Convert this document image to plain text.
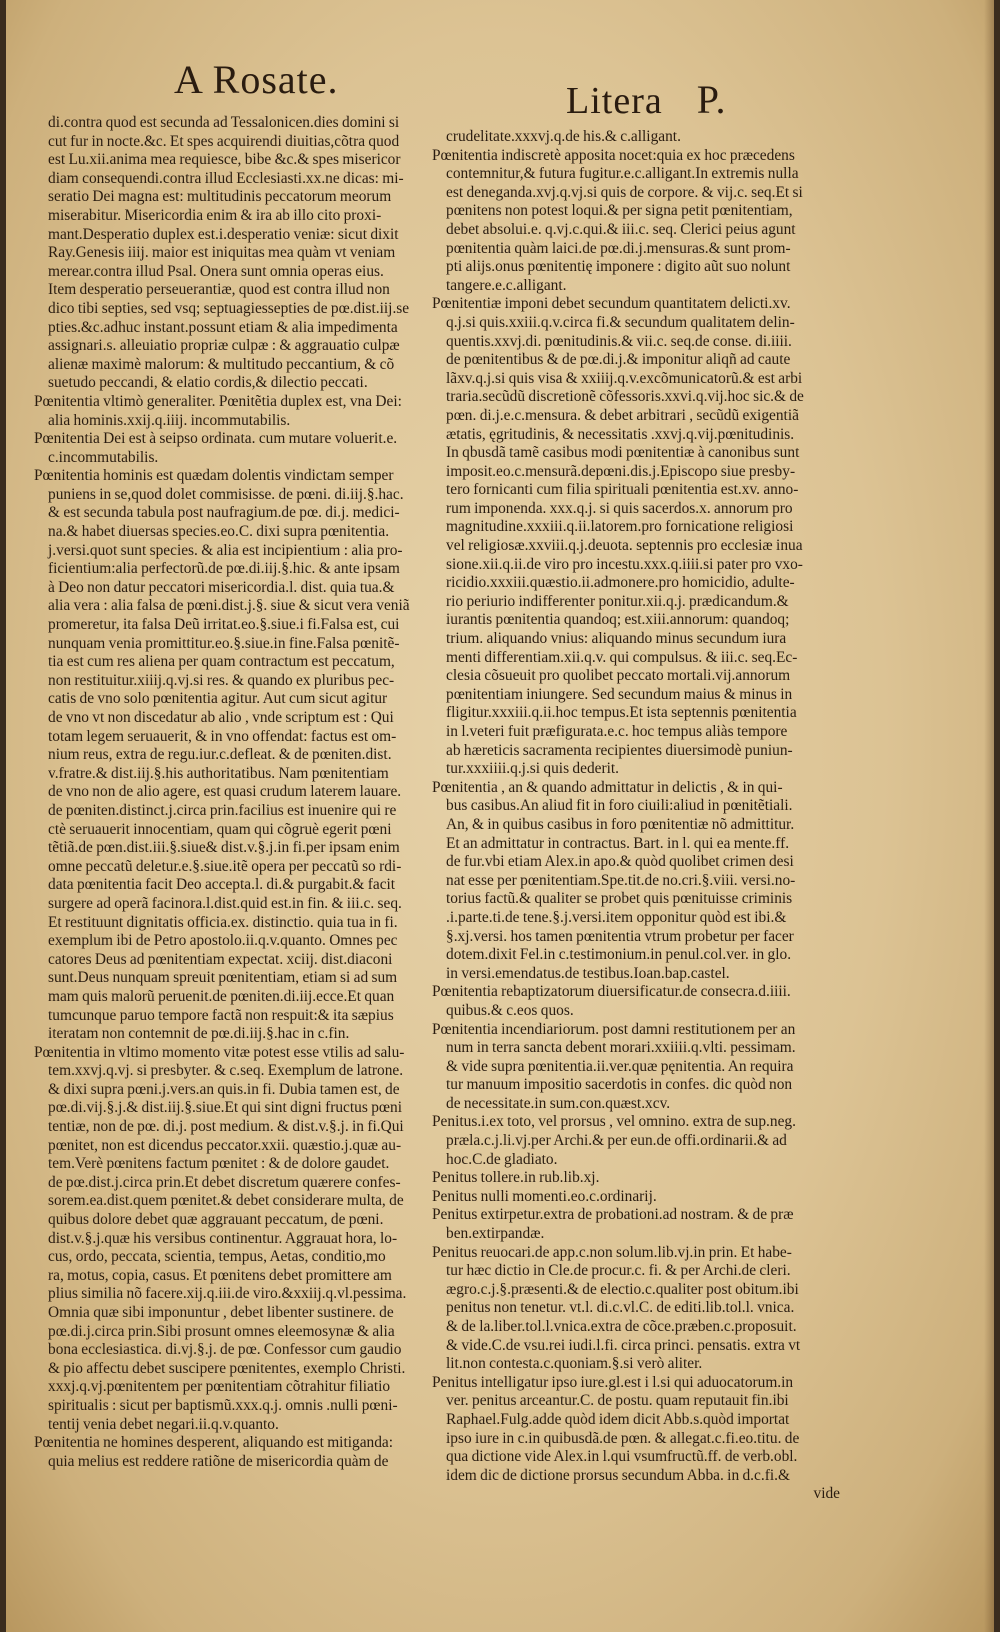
A Rosate.	Litera P.

di.contra quod est secunda ad Tessalonicen.dies domini si

cut fur in nocte.&c. Et spes acquirendi diuitias,cõtra quod

est Lu.xii.anima mea requiesce, bibe &c.& spes misericor

diam consequendi.contra illud Ecclesiasti.xx.ne dicas: mi-

seratio Dei magna est: multitudinis peccatorum meorum

miserabitur. Misericordia enim & ira ab illo cito proxi-

mant.Desperatio duplex est.i.desperatio veniæ: sicut dixit

Ray.Genesis iiij. maior est iniquitas mea quàm vt veniam

merear.contra illud Psal. Onera sunt omnia operas eius.

Item desperatio perseuerantiæ, quod est contra illud non

dico tibi septies, sed vsq; septuagiessepties de pœ.dist.iij.se

pties.&c.adhuc instant.possunt etiam & alia impedimenta

assignari.s. alleuiatio propriæ culpæ : & aggrauatio culpæ

alienæ maximè malorum: & multitudo peccantium, & cõ

suetudo peccandi, & elatio cordis,& dilectio peccati.

Pœnitentia vltimò generaliter. Pœnitẽtia duplex est, vna Dei:

alia hominis.xxij.q.iiij. incommutabilis.

Pœnitentia Dei est à seipso ordinata. cum mutare voluerit.e.

c.incommutabilis.

Pœnitentia hominis est quædam dolentis vindictam semper

puniens in se,quod dolet commisisse. de pœni. di.iij.§.hac.

& est secunda tabula post naufragium.de pœ. di.j. medici-

na.& habet diuersas species.eo.C. dixi supra pœnitentia.

j.versi.quot sunt species. & alia est incipientium : alia pro-

ficientium:alia perfectorũ.de pœ.di.iij.§.hic. & ante ipsam

à Deo non datur peccatori misericordia.l. dist. quia tua.&

alia vera : alia falsa de pœni.dist.j.§. siue & sicut vera veniã

promeretur, ita falsa Deũ irritat.eo.§.siue.i fi.Falsa est, cui

nunquam venia promittitur.eo.§.siue.in fine.Falsa pœnitẽ-

tia est cum res aliena per quam contractum est peccatum,

non restituitur.xiiij.q.vj.si res. & quando ex pluribus pec-

catis de vno solo pœnitentia agitur. Aut cum sicut agitur

de vno vt non discedatur ab alio , vnde scriptum est : Qui

totam legem seruauerit, & in vno offendat: factus est om-

nium reus, extra de regu.iur.c.defleat. & de pœniten.dist.

v.fratre.& dist.iij.§.his authoritatibus. Nam pœnitentiam

de vno non de alio agere, est quasi crudum laterem lauare.

de pœniten.distinct.j.circa prin.facilius est inuenire qui re

ctè seruauerit innocentiam, quam qui cõgruè egerit pœni

tẽtiã.de pœn.dist.iii.§.siue& dist.v.§.j.in fi.per ipsam enim

omne peccatũ deletur.e.§.siue.itẽ opera per peccatũ so rdi-

data pœnitentia facit Deo accepta.l. di.& purgabit.& facit

surgere ad operã facinora.l.dist.quid est.in fin. & iii.c. seq.

Et restituunt dignitatis officia.ex. distinctio. quia tua in fi.

exemplum ibi de Petro apostolo.ii.q.v.quanto. Omnes pec

catores Deus ad pœnitentiam expectat. xciij. dist.diaconi

sunt.Deus nunquam spreuit pœnitentiam, etiam si ad sum

mam quis malorũ peruenit.de pœniten.di.iij.ecce.Et quan

tumcunque paruo tempore factã non respuit:& ita sæpius

iteratam non contemnit de pœ.di.iij.§.hac in c.fin.

Pœnitentia in vltimo momento vitæ potest esse vtilis ad salu-

tem.xxvj.q.vj. si presbyter. & c.seq. Exemplum de latrone.

& dixi supra pœni.j.vers.an quis.in fi. Dubia tamen est, de

pœ.di.vij.§.j.& dist.iij.§.siue.Et qui sint digni fructus pœni

tentiæ, non de pœ. di.j. post medium. & dist.v.§.j. in fi.Qui

pœnitet, non est dicendus peccator.xxii. quæstio.j.quæ au-

tem.Verè pœnitens factum pœnitet : & de dolore gaudet.

de pœ.dist.j.circa prin.Et debet discretum quærere confes-

sorem.ea.dist.quem pœnitet.& debet considerare multa, de

quibus dolore debet quæ aggrauant peccatum, de pœni.

dist.v.§.j.quæ his versibus continentur. Aggrauat hora, lo-

cus, ordo, peccata, scientia, tempus, Aetas, conditio,mo

ra, motus, copia, casus. Et pœnitens debet promittere am

plius similia nõ facere.xij.q.iii.de viro.&xxiij.q.vl.pessima.

Omnia quæ sibi imponuntur , debet libenter sustinere. de

pœ.di.j.circa prin.Sibi prosunt omnes eleemosynæ & alia

bona ecclesiastica. di.vj.§.j. de pœ. Confessor cum gaudio

& pio affectu debet suscipere pœnitentes, exemplo Christi.

xxxj.q.vj.pœnitentem per pœnitentiam cõtrahitur filiatio

spiritualis : sicut per baptismũ.xxx.q.j. omnis .nulli pœni-

tentij venia debet negari.ii.q.v.quanto.

Pœnitentia ne homines desperent, aliquando est mitiganda:

quia melius est reddere ratiõne de misericordia quàm de

crudelitate.xxxvj.q.de his.& c.alligant.

Pœnitentia indiscretè apposita nocet:quia ex hoc præcedens

contemnitur,& futura fugitur.e.c.alligant.In extremis nulla

est deneganda.xvj.q.vj.si quis de corpore. & vij.c. seq.Et si

pœnitens non potest loqui.& per signa petit pœnitentiam,

debet absolui.e. q.vj.c.qui.& iii.c. seq. Clerici peius agunt

pœnitentia quàm laici.de pœ.di.j.mensuras.& sunt prom-

pti alijs.onus pœnitentię imponere : digito aũt suo nolunt

tangere.e.c.alligant.

Pœnitentiæ imponi debet secundum quantitatem delicti.xv.

q.j.si quis.xxiii.q.v.circa fi.& secundum qualitatem delin-

quentis.xxvj.di. pœnitudinis.& vii.c. seq.de conse. di.iiii.

de pœnitentibus & de pœ.di.j.& imponitur aliqñ ad caute

lãxv.q.j.si quis visa & xxiiij.q.v.excõmunicatorũ.& est arbi

traria.secũdũ discretionẽ cõfessoris.xxvi.q.vij.hoc sic.& de

pœn. di.j.e.c.mensura. & debet arbitrari , secũdũ exigentiã

ætatis, ęgritudinis, & necessitatis .xxvj.q.vij.pœnitudinis.

In qbusdã tamẽ casibus modi pœnitentiæ à canonibus sunt

imposit.eo.c.mensurã.depœni.dis.j.Episcopo siue presby-

tero fornicanti cum filia spirituali pœnitentia est.xv. anno-

rum imponenda. xxx.q.j. si quis sacerdos.x. annorum pro

magnitudine.xxxiii.q.ii.latorem.pro fornicatione religiosi

vel religiosæ.xxviii.q.j.deuota. septennis pro ecclesiæ inua

sione.xii.q.ii.de viro pro incestu.xxx.q.iiii.si pater pro vxo-

ricidio.xxxiii.quæstio.ii.admonere.pro homicidio, adulte-

rio periurio indifferenter ponitur.xii.q.j. prædicandum.&

iurantis pœnitentia quandoq; est.xiii.annorum: quandoq;

trium. aliquando vnius: aliquando minus secundum iura

menti differentiam.xii.q.v. qui compulsus. & iii.c. seq.Ec-

clesia cõsueuit pro quolibet peccato mortali.vij.annorum

pœnitentiam iniungere. Sed secundum maius & minus in

fligitur.xxxiii.q.ii.hoc tempus.Et ista septennis pœnitentia

in l.veteri fuit præfigurata.e.c. hoc tempus aliàs tempore

ab hæreticis sacramenta recipientes diuersimodè puniun-

tur.xxxiiii.q.j.si quis dederit.

Pœnitentia , an & quando admittatur in delictis , & in qui-

bus casibus.An aliud fit in foro ciuili:aliud in pœnitẽtiali.

An, & in quibus casibus in foro pœnitentiæ nõ admittitur.

Et an admittatur in contractus. Bart. in l. qui ea mente.ff.

de fur.vbi etiam Alex.in apo.& quòd quolibet crimen desi

nat esse per pœnitentiam.Spe.tit.de no.cri.§.viii. versi.no-

torius factũ.& qualiter se probet quis pœnituisse criminis

.i.parte.ti.de tene.§.j.versi.item opponitur quòd est ibi.&

§.xj.versi. hos tamen pœnitentia vtrum probetur per facer

dotem.dixit Fel.in c.testimonium.in penul.col.ver. in glo.

in versi.emendatus.de testibus.Ioan.bap.castel.

Pœnitentia rebaptizatorum diuersificatur.de consecra.d.iiii.

quibus.& c.eos quos.

Pœnitentia incendiariorum. post damni restitutionem per an

num in terra sancta debent morari.xxiiii.q.vlti. pessimam.

& vide supra pœnitentia.ii.ver.quæ pęnitentia. An requira

tur manuum impositio sacerdotis in confes. dic quòd non

de necessitate.in sum.con.quæst.xcv.

Penitus.i.ex toto, vel prorsus , vel omnino. extra de sup.neg.

præla.c.j.li.vj.per Archi.& per eun.de offi.ordinarii.& ad

hoc.C.de gladiato.

Penitus tollere.in rub.lib.xj.

Penitus nulli momenti.eo.c.ordinarij.

Penitus extirpetur.extra de probationi.ad nostram. & de præ

ben.extirpandæ.

Penitus reuocari.de app.c.non solum.lib.vj.in prin. Et habe-

tur hæc dictio in Cle.de procur.c. fi. & per Archi.de cleri.

ægro.c.j.§.præsenti.& de electio.c.qualiter post obitum.ibi

penitus non tenetur. vt.l. di.c.vl.C. de editi.lib.tol.l. vnica.

& de la.liber.tol.l.vnica.extra de cõce.præben.c.proposuit.

& vide.C.de vsu.rei iudi.l.fi. circa princi. pensatis. extra vt

lit.non contesta.c.quoniam.§.si verò aliter.

Penitus intelligatur ipso iure.gl.est i l.si qui aduocatorum.in

ver. penitus arceantur.C. de postu. quam reputauit fin.ibi

Raphael.Fulg.adde quòd idem dicit Abb.s.quòd importat

ipso iure in c.in quibusdã.de pœn. & allegat.c.fi.eo.titu. de

qua dictione vide Alex.in l.qui vsumfructũ.ff. de verb.obl.

idem dic de dictione prorsus secundum Abba. in d.c.fi.&

vide
